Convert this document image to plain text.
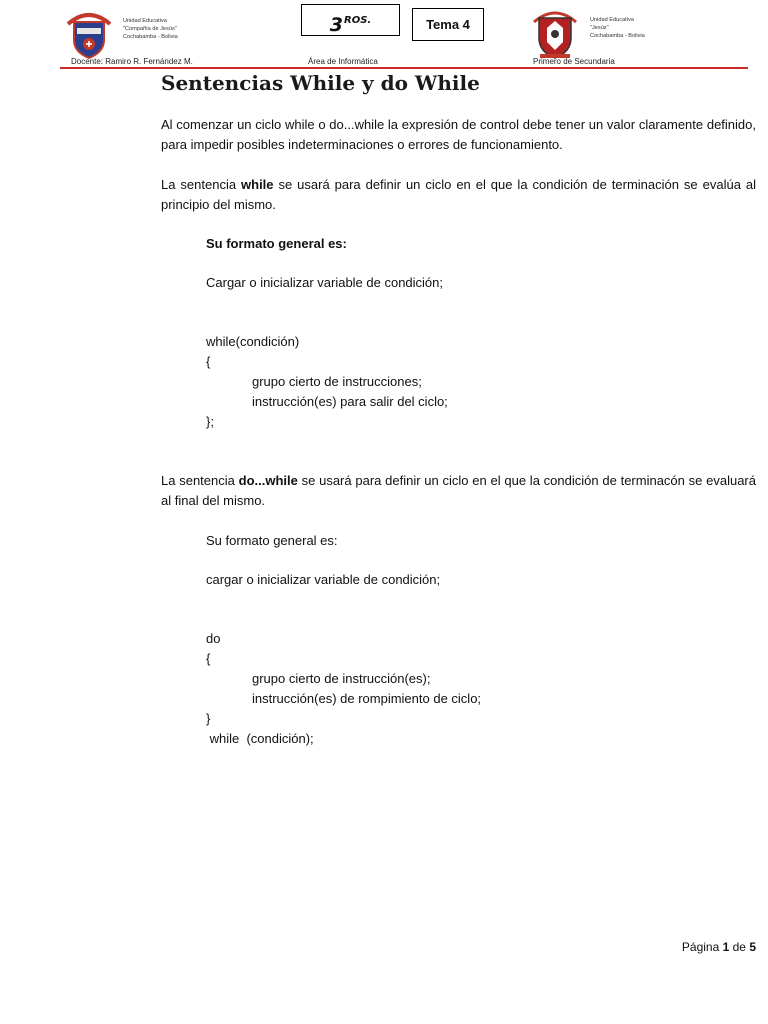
Unidad Educativa
"Compañía de Jesús"
Cochabamba - Bolivia
$3^{ROS.}$	Tema 4	Unidad Educativa
"Jesús"
Cochabamba - Bolivia
Docente: Ramiro R. Fernández M.	Área de Informática	Primero de Secundaria
Sentencias While y do While

Al comenzar un ciclo while o do...while la expresión de control debe tener un valor claramente definido, para impedir posibles indeterminaciones o errores de funcionamiento.

La sentencia while se usará para definir un ciclo en el que la condición de terminación se evalúa al principio del mismo.

Su formato general es:

Cargar o inicializar variable de condición;

while(condición)

{

grupo cierto de instrucciones;

instrucción(es) para salir del ciclo;

};

La sentencia do...while se usará para definir un ciclo en el que la condición de terminacón se evaluará al final del mismo.

Su formato general es:

cargar o inicializar variable de condición;

do

{

grupo cierto de instrucción(es);

instrucción(es) de rompimiento de ciclo;

}

while  (condición);

Página 1 de 5
